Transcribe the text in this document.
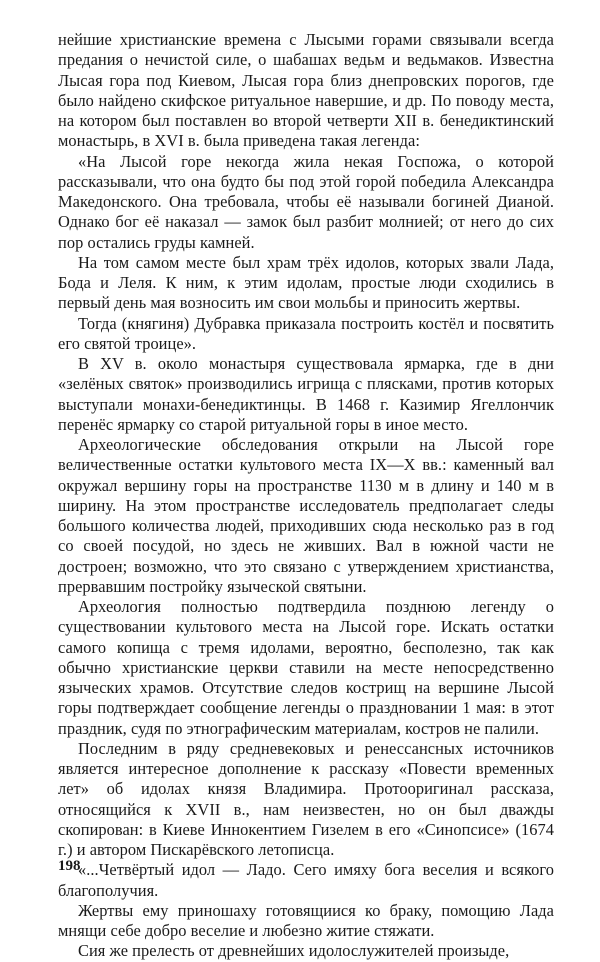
нейшие христианские времена с Лысыми горами связывали всегда предания о нечистой силе, о шабашах ведьм и ведьмаков. Известна Лысая гора под Киевом, Лысая гора близ днепровских порогов, где было найдено скифское ритуальное навершие, и др. По поводу места, на котором был поставлен во второй четверти XII в. бенедиктинский монастырь, в XVI в. была приведена такая легенда:

«На Лысой горе некогда жила некая Госпожа, о которой рассказывали, что она будто бы под этой горой победила Александра Македонского. Она требовала, чтобы её называли богиней Дианой. Однако бог её наказал — замок был разбит молнией; от него до сих пор остались груды камней.

На том самом месте был храм трёх идолов, которых звали Лада, Бода и Леля. К ним, к этим идолам, простые люди сходились в первый день мая возносить им свои мольбы и приносить жертвы.

Тогда (княгиня) Дубравка приказала построить костёл и посвятить его святой троице».

В XV в. около монастыря существовала ярмарка, где в дни «зелёных святок» производились игрища с плясками, против которых выступали монахи-бенедиктинцы. В 1468 г. Казимир Ягеллончик перенёс ярмарку со старой ритуальной горы в иное место.

Археологические обследования открыли на Лысой горе величественные остатки культового места IX—X вв.: каменный вал окружал вершину горы на пространстве 1130 м в длину и 140 м в ширину. На этом пространстве исследователь предполагает следы большого количества людей, приходивших сюда несколько раз в год со своей посудой, но здесь не живших. Вал в южной части не достроен; возможно, что это связано с утверждением христианства, прервавшим постройку языческой святыни.

Археология полностью подтвердила позднюю легенду о существовании культового места на Лысой горе. Искать остатки самого копища с тремя идолами, вероятно, бесполезно, так как обычно христианские церкви ставили на месте непосредственно языческих храмов. Отсутствие следов кострищ на вершине Лысой горы подтверждает сообщение легенды о праздновании 1 мая: в этот праздник, судя по этнографическим материалам, костров не палили.

Последним в ряду средневековых и ренессансных источников является интересное дополнение к рассказу «Повести временных лет» об идолах князя Владимира. Протооригинал рассказа, относящийся к XVII в., нам неизвестен, но он был дважды скопирован: в Киеве Иннокентием Гизелем в его «Синопсисе» (1674 г.) и автором Пискарёвского летописца.

«...Четвёртый идол — Ладо. Сего имяху бога веселия и всякого благополучия.

Жертвы ему приношаху готовящиися ко браку, помощию Лада мнящи себе добро веселие и любезно житие стяжати.

Сия же прелесть от древнейших идолослужителей произыде,

198
